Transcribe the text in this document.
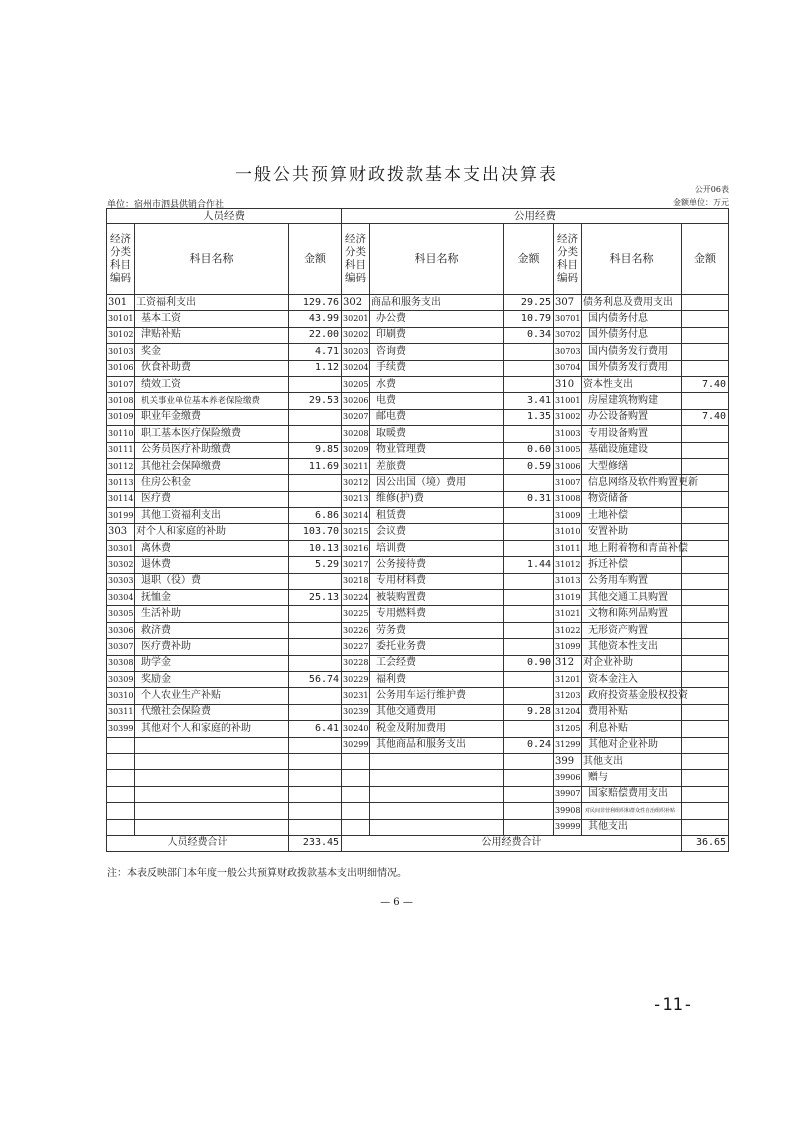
一般公共预算财政拨款基本支出决算表
公开06表
单位：宿州市泗县供销合作社	金额单位：万元
人员经费			公用经费					
经济分类科目编码	科目名称	金额	经济分类科目编码	科目名称	金额	经济分类科目编码	科目名称	金额
301	工资福利支出	129.76	302	商品和服务支出	29.25	307	债务利息及费用支出	
30101	基本工资	43.99	30201	办公费	10.79	30701	国内债务付息	
30102	津贴补贴	22.00	30202	印刷费	0.34	30702	国外债务付息	
30103	奖金	4.71	30203	咨询费		30703	国内债务发行费用	
30106	伙食补助费	1.12	30204	手续费		30704	国外债务发行费用	
30107	绩效工资		30205	水费		310	资本性支出	7.40
30108	机关事业单位基本养老保险缴费	29.53	30206	电费	3.41	31001	房屋建筑物购建	
30109	职业年金缴费		30207	邮电费	1.35	31002	办公设备购置	7.40
30110	职工基本医疗保险缴费		30208	取暖费		31003	专用设备购置	
30111	公务员医疗补助缴费	9.85	30209	物业管理费	0.60	31005	基础设施建设	
30112	其他社会保障缴费	11.69	30211	差旅费	0.59	31006	大型修缮	
30113	住房公积金		30212	因公出国（境）费用		31007	信息网络及软件购置更新	
30114	医疗费		30213	维修(护)费	0.31	31008	物资储备	
30199	其他工资福利支出	6.86	30214	租赁费		31009	土地补偿	
303	对个人和家庭的补助	103.70	30215	会议费		31010	安置补助	
30301	离休费	10.13	30216	培训费		31011	地上附着物和青苗补偿	
30302	退休费	5.29	30217	公务接待费	1.44	31012	拆迁补偿	
30303	退职（役）费		30218	专用材料费		31013	公务用车购置	
30304	抚恤金	25.13	30224	被装购置费		31019	其他交通工具购置	
30305	生活补助		30225	专用燃料费		31021	文物和陈列品购置	
30306	救济费		30226	劳务费		31022	无形资产购置	
30307	医疗费补助		30227	委托业务费		31099	其他资本性支出	
30308	助学金		30228	工会经费	0.90	312	对企业补助	
30309	奖励金	56.74	30229	福利费		31201	资本金注入	
30310	个人农业生产补贴		30231	公务用车运行维护费		31203	政府投资基金股权投资	
30311	代缴社会保险费		30239	其他交通费用	9.28	31204	费用补贴	
30399	其他对个人和家庭的补助	6.41	30240	税金及附加费用		31205	利息补贴	
			30299	其他商品和服务支出	0.24	31299	其他对企业补助	
						399	其他支出	
						39906	赠与	
						39907	国家赔偿费用支出	
						39908	对民间非营利组织和群众性自治组织补贴	
						39999	其他支出	
人员经费合计		233.45	公用经费合计					36.65
注：本表反映部门本年度一般公共预算财政拨款基本支出明细情况。
— 6 —
-11-
